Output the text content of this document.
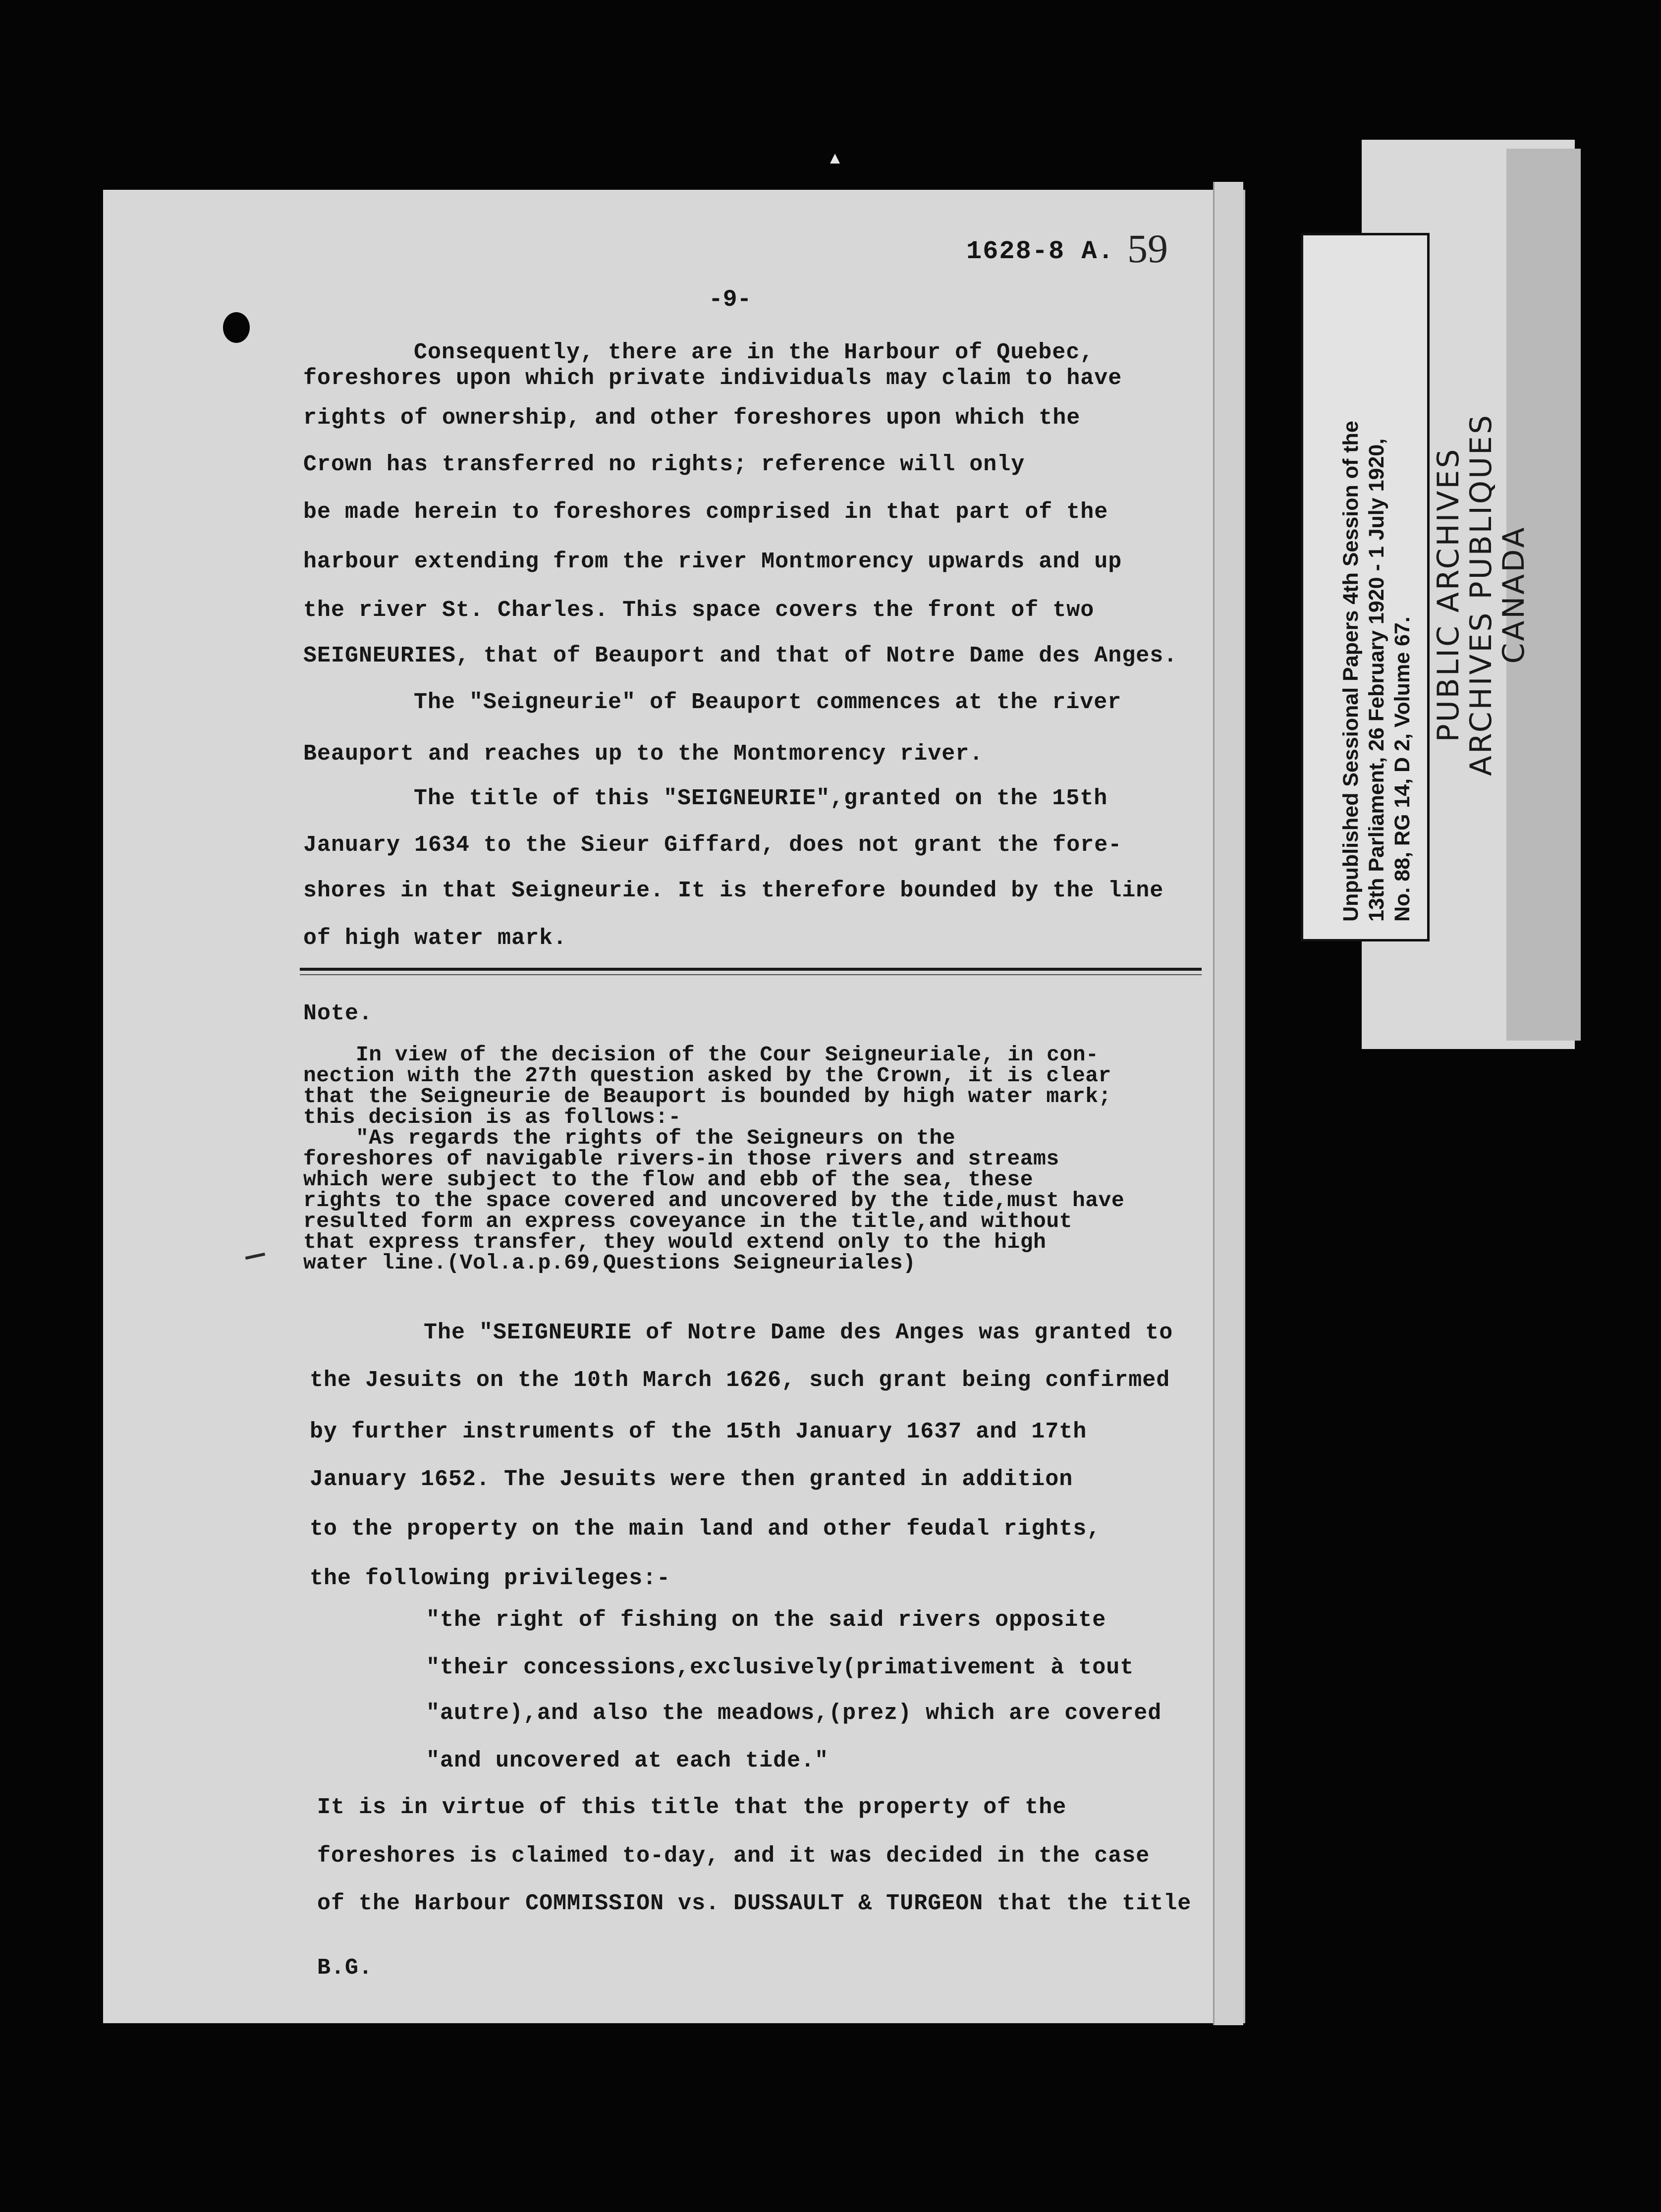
1628-8 A. 59
-9-
Consequently, there are in the Harbour of Quebec,
foreshores upon which private individuals may claim to have
rights of ownership, and other foreshores upon which the
Crown has transferred no rights; reference will only
be made herein to foreshores comprised in that part of the
harbour extending from the river Montmorency upwards and up
the river St. Charles. This space covers the front of two
SEIGNEURIES, that of Beauport and that of Notre Dame des Anges.
The "Seigneurie" of Beauport commences at the river
Beauport and reaches up to the Montmorency river.
The title of this "SEIGNEURIE",granted on the 15th
January 1634 to the Sieur Giffard, does not grant the fore-
shores in that Seigneurie. It is therefore bounded by the line
of high water mark.
Note.
In view of the decision of the Cour Seigneuriale, in con-
nection with the 27th question asked by the Crown, it is clear
that the Seigneurie de Beauport is bounded by high water mark;
this decision is as follows:-
"As regards the rights of the Seigneurs on the
foreshores of navigable rivers-in those rivers and streams
which were subject to the flow and ebb of the sea, these
rights to the space covered and uncovered by the tide,must have
resulted form an express coveyance in the title,and without
that express transfer, they would extend only to the high
water line.(Vol.a.p.69,Questions Seigneuriales)
The "SEIGNEURIE of Notre Dame des Anges was granted to
the Jesuits on the 10th March 1626, such grant being confirmed
by further instruments of the 15th January 1637 and 17th
January 1652. The Jesuits were then granted in addition
to the property on the main land and other feudal rights,
the following privileges:-
"the right of fishing on the said rivers opposite
"their concessions,exclusively(primativement à tout
"autre),and also the meadows,(prez) which are covered
"and uncovered at each tide."
It is in virtue of this title that the property of the
foreshores is claimed to-day, and it was decided in the case
of the Harbour COMMISSION vs. DUSSAULT & TURGEON that the title
B.G.
Unpublished Sessional Papers 4th Session of the 13th Parliament, 26 February 1920 - 1 July 1920, No. 88, RG 14, D 2, Volume 67.
PUBLIC ARCHIVES
ARCHIVES PUBLIQUES
CANADA
